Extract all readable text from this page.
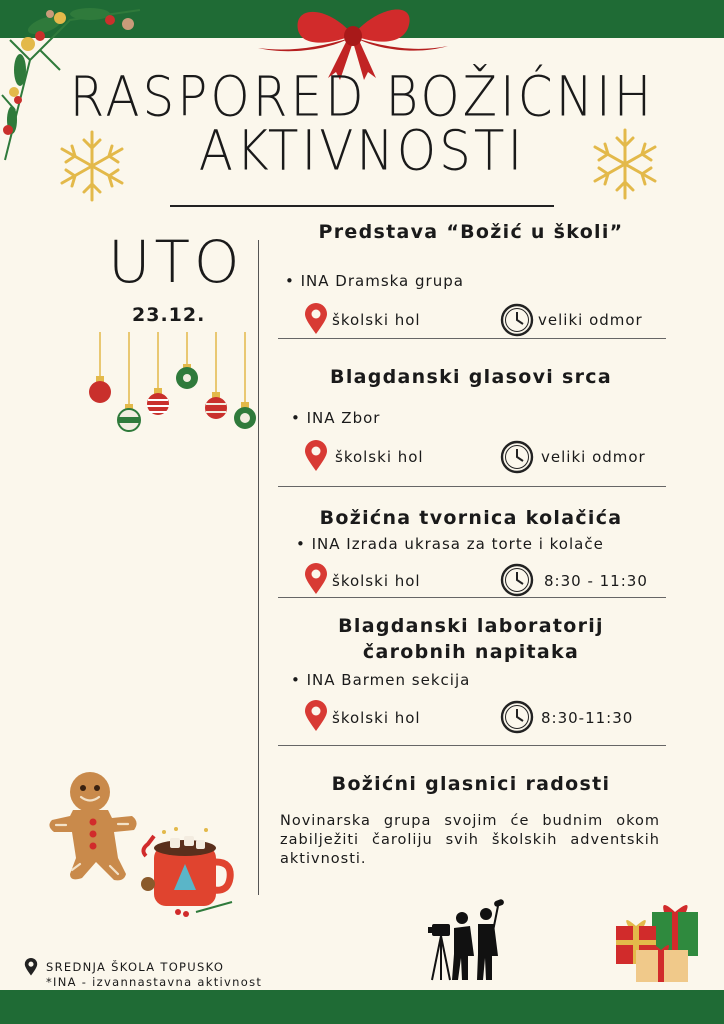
RASPORED BOŽIĆNIH
AKTIVNOSTI
UTO
23.12.
Predstava “Božić u školi”
• INA Dramska grupa
školski hol	veliki odmor
Blagdanski glasovi srca
• INA Zbor
školski hol	veliki odmor
Božićna tvornica kolačića
• INA Izrada ukrasa za torte i kolače
školski hol	8:30 - 11:30
Blagdanski laboratorij
čarobnih napitaka
• INA Barmen sekcija
školski hol	8:30-11:30
Božićni glasnici radosti
Novinarska grupa svojim će budnim okom zabilježiti čaroliju svih školskih adventskih aktivnosti.
SREDNJA ŠKOLA TOPUSKO
*INA - izvannastavna aktivnost
